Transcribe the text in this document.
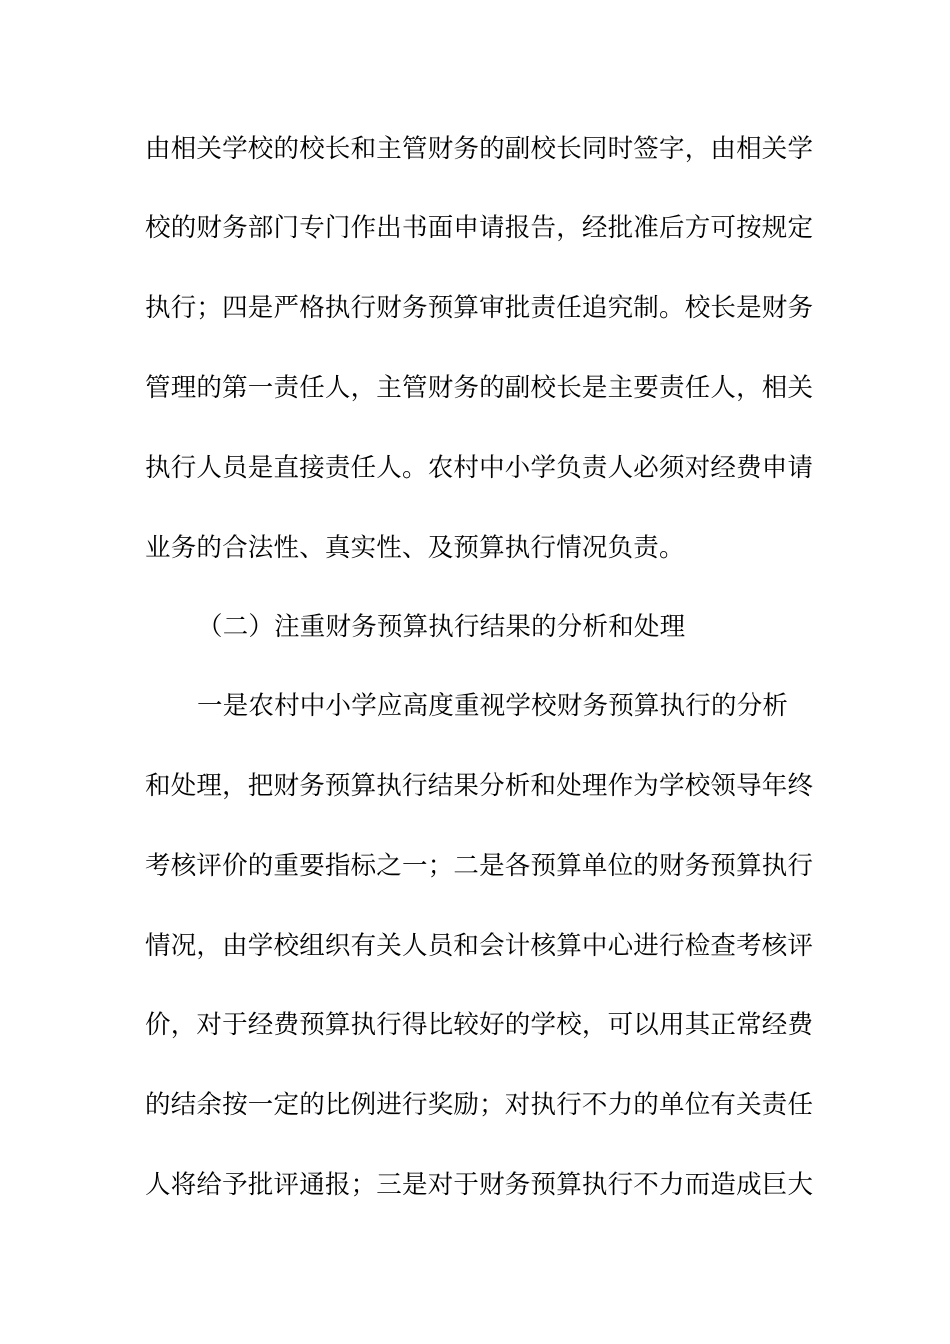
由相关学校的校长和主管财务的副校长同时签字，由相关学
校的财务部门专门作出书面申请报告，经批准后方可按规定
执行；四是严格执行财务预算审批责任追究制。校长是财务
管理的第一责任人，主管财务的副校长是主要责任人，相关
执行人员是直接责任人。农村中小学负责人必须对经费申请
业务的合法性、真实性、及预算执行情况负责。
（二）注重财务预算执行结果的分析和处理
一是农村中小学应高度重视学校财务预算执行的分析
和处理，把财务预算执行结果分析和处理作为学校领导年终
考核评价的重要指标之一；二是各预算单位的财务预算执行
情况，由学校组织有关人员和会计核算中心进行检查考核评
价，对于经费预算执行得比较好的学校，可以用其正常经费
的结余按一定的比例进行奖励；对执行不力的单位有关责任
人将给予批评通报；三是对于财务预算执行不力而造成巨大
